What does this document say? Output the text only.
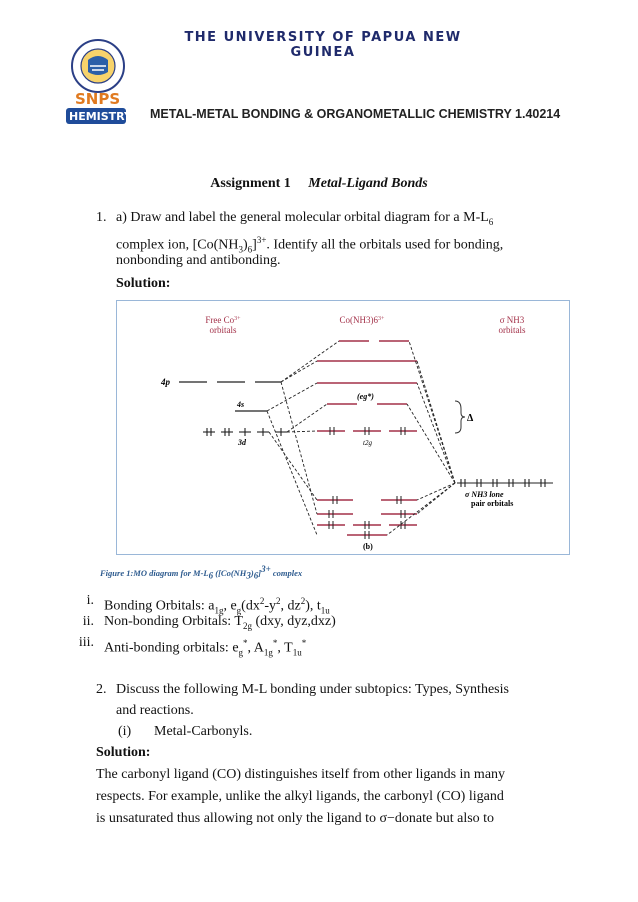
SNPS
HEMISTRY
THE UNIVERSITY OF PAPUA NEW
GUINEA
METAL-METAL BONDING & ORGANOMETALLIC CHEMISTRY 1.40214
Assignment 1 Metal-Ligand Bonds
1. a) Draw and label the general molecular orbital diagram for a $M-L_6$
complex ion, $[Co(NH_3)_6]^{3+}$. Identify all the orbitals used for bonding,
nonbonding and antibonding.
Solution:
Free $Co^{3+}$
orbitals
$Co(NH3)6^{3+}$	σ NH3
orbitals
4p
4s
3d
(eg*)
t2g
Δ
σ NH3 lone
pair orbitals
(b)
Figure 1:MO diagram for $M-L_6$ ($[Co(NH_3)_6]^{3+}$ complex
i. Bonding Orbitals: $a_{1g}$, $e_g(dx^2-y^2$, $dz^2$), $t_{1u}$
ii. Non-bonding Orbitals: $T_{2g}$ (dxy, dyz,dxz)
iii. Anti-bonding orbitals: $e_g^*$, $A_{1g}^*$, $T_{1u}^*$
2. Discuss the following M-L bonding under subtopics: Types, Synthesis
and reactions.
(i) Metal-Carbonyls.
Solution:
The carbonyl ligand (CO) distinguishes itself from other ligands in many
respects. For example, unlike the alkyl ligands, the carbonyl (CO) ligand
is unsaturated thus allowing not only the ligand to σ−donate but also to
